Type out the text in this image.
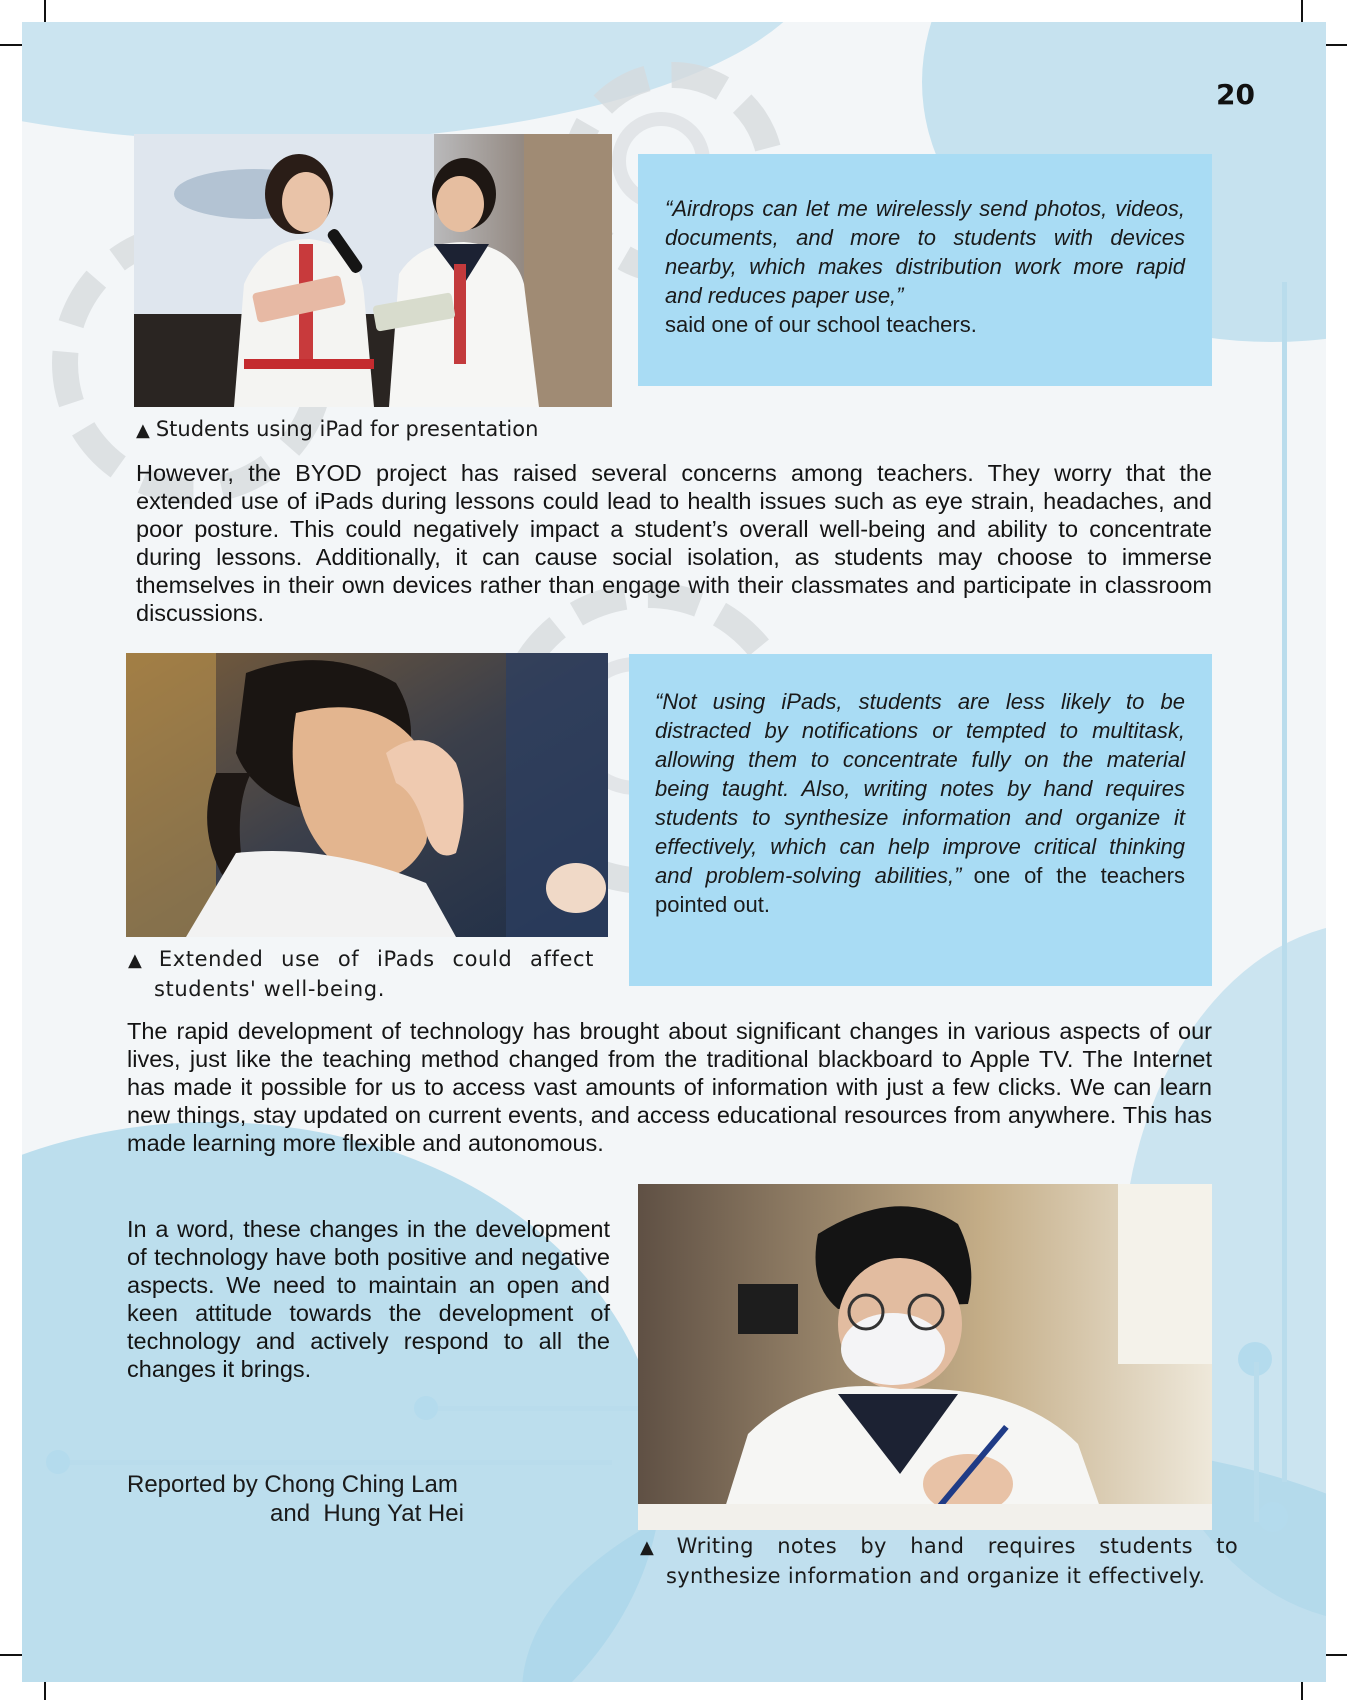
20
“Airdrops can let me wirelessly send photos, videos, documents, and more to students with devices nearby, which makes distribution work more rapid and reduces paper use,”
said one of our school teachers.
▲ Students using iPad for presentation
However, the BYOD project has raised several concerns among teachers. They worry that the extended use of iPads during lessons could lead to health issues such as eye strain, headaches, and poor posture. This could negatively impact a student’s overall well-being and ability to concentrate during lessons. Additionally, it can cause social isolation, as students may choose to immerse themselves in their own devices rather than engage with their classmates and participate in classroom discussions.
“Not using iPads, students are less likely to be distracted by notifications or tempted to multitask, allowing them to concentrate fully on the material being taught. Also, writing notes by hand requires students to synthesize information and organize it effectively, which can help improve critical thinking and problem-solving abilities,” one of the teachers pointed out.
▲ Extended use of iPads could affect students' well-being.
The rapid development of technology has brought about significant changes in various aspects of our lives, just like the teaching method changed from the traditional blackboard to Apple TV. The Internet has made it possible for us to access vast amounts of information with just a few clicks. We can learn new things, stay updated on current events, and access educational resources from anywhere. This has made learning more flexible and autonomous.
In a word, these changes in the development of technology have both positive and negative aspects. We need to maintain an open and keen attitude towards the development of technology and actively respond to all the changes it brings.
Reported by Chong Ching Lam
and  Hung Yat Hei
▲ Writing notes by hand requires students to synthesize information and organize it effectively.
